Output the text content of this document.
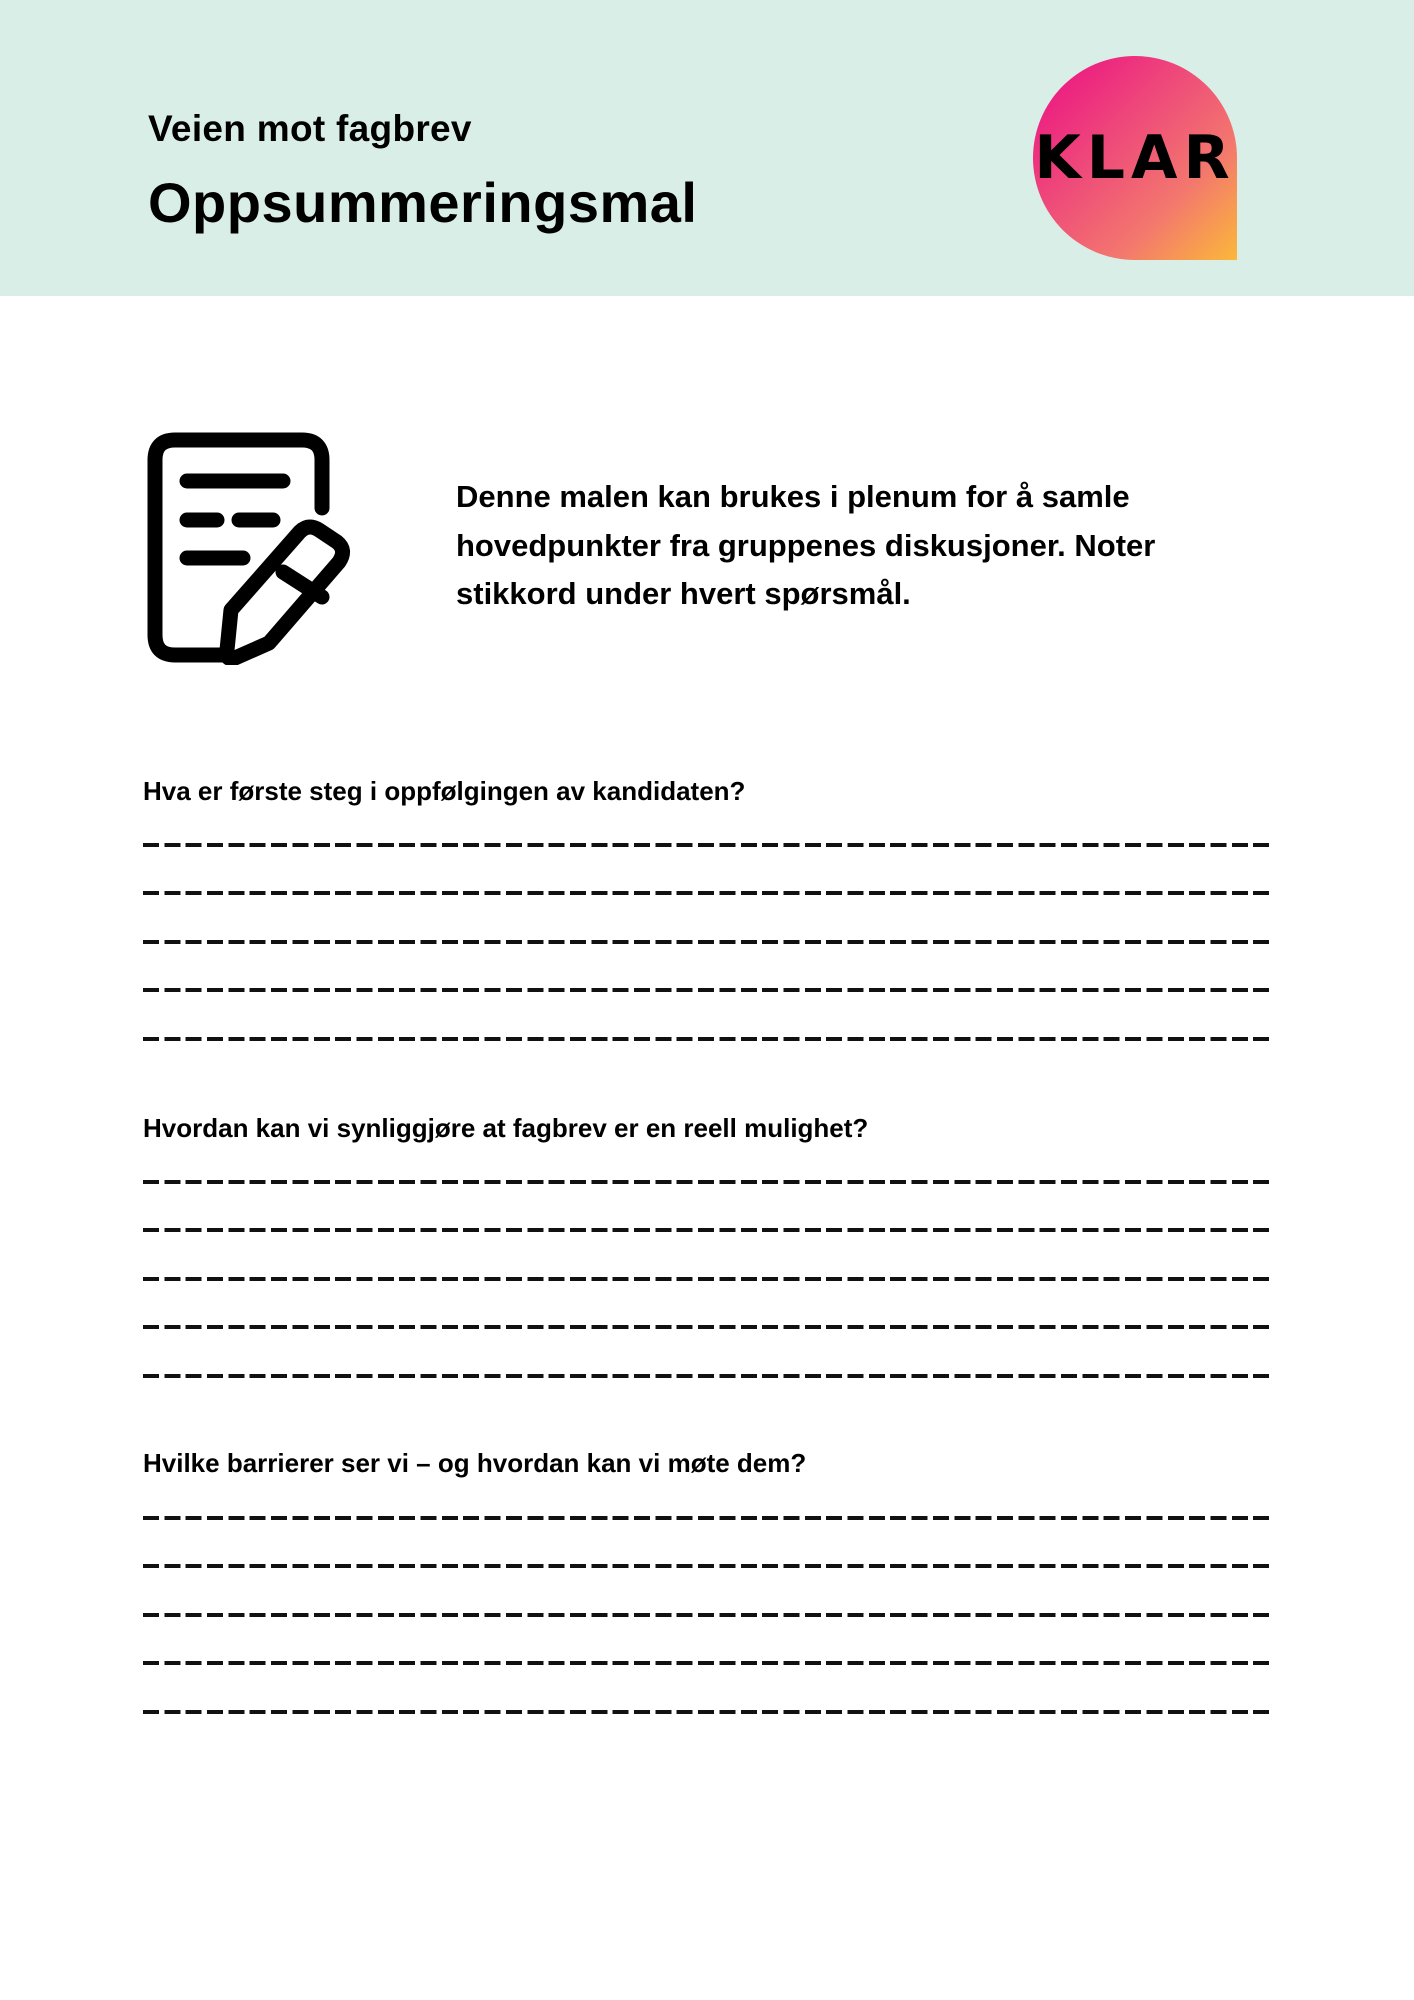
Veien mot fagbrev
Oppsummeringsmal
KLAR
Denne malen kan brukes i plenum for å samle hovedpunkter fra gruppenes diskusjoner. Noter stikkord under hvert spørsmål.
Hva er første steg i oppfølgingen av kandidaten?
Hvordan kan vi synliggjøre at fagbrev er en reell mulighet?
Hvilke barrierer ser vi – og hvordan kan vi møte dem?
